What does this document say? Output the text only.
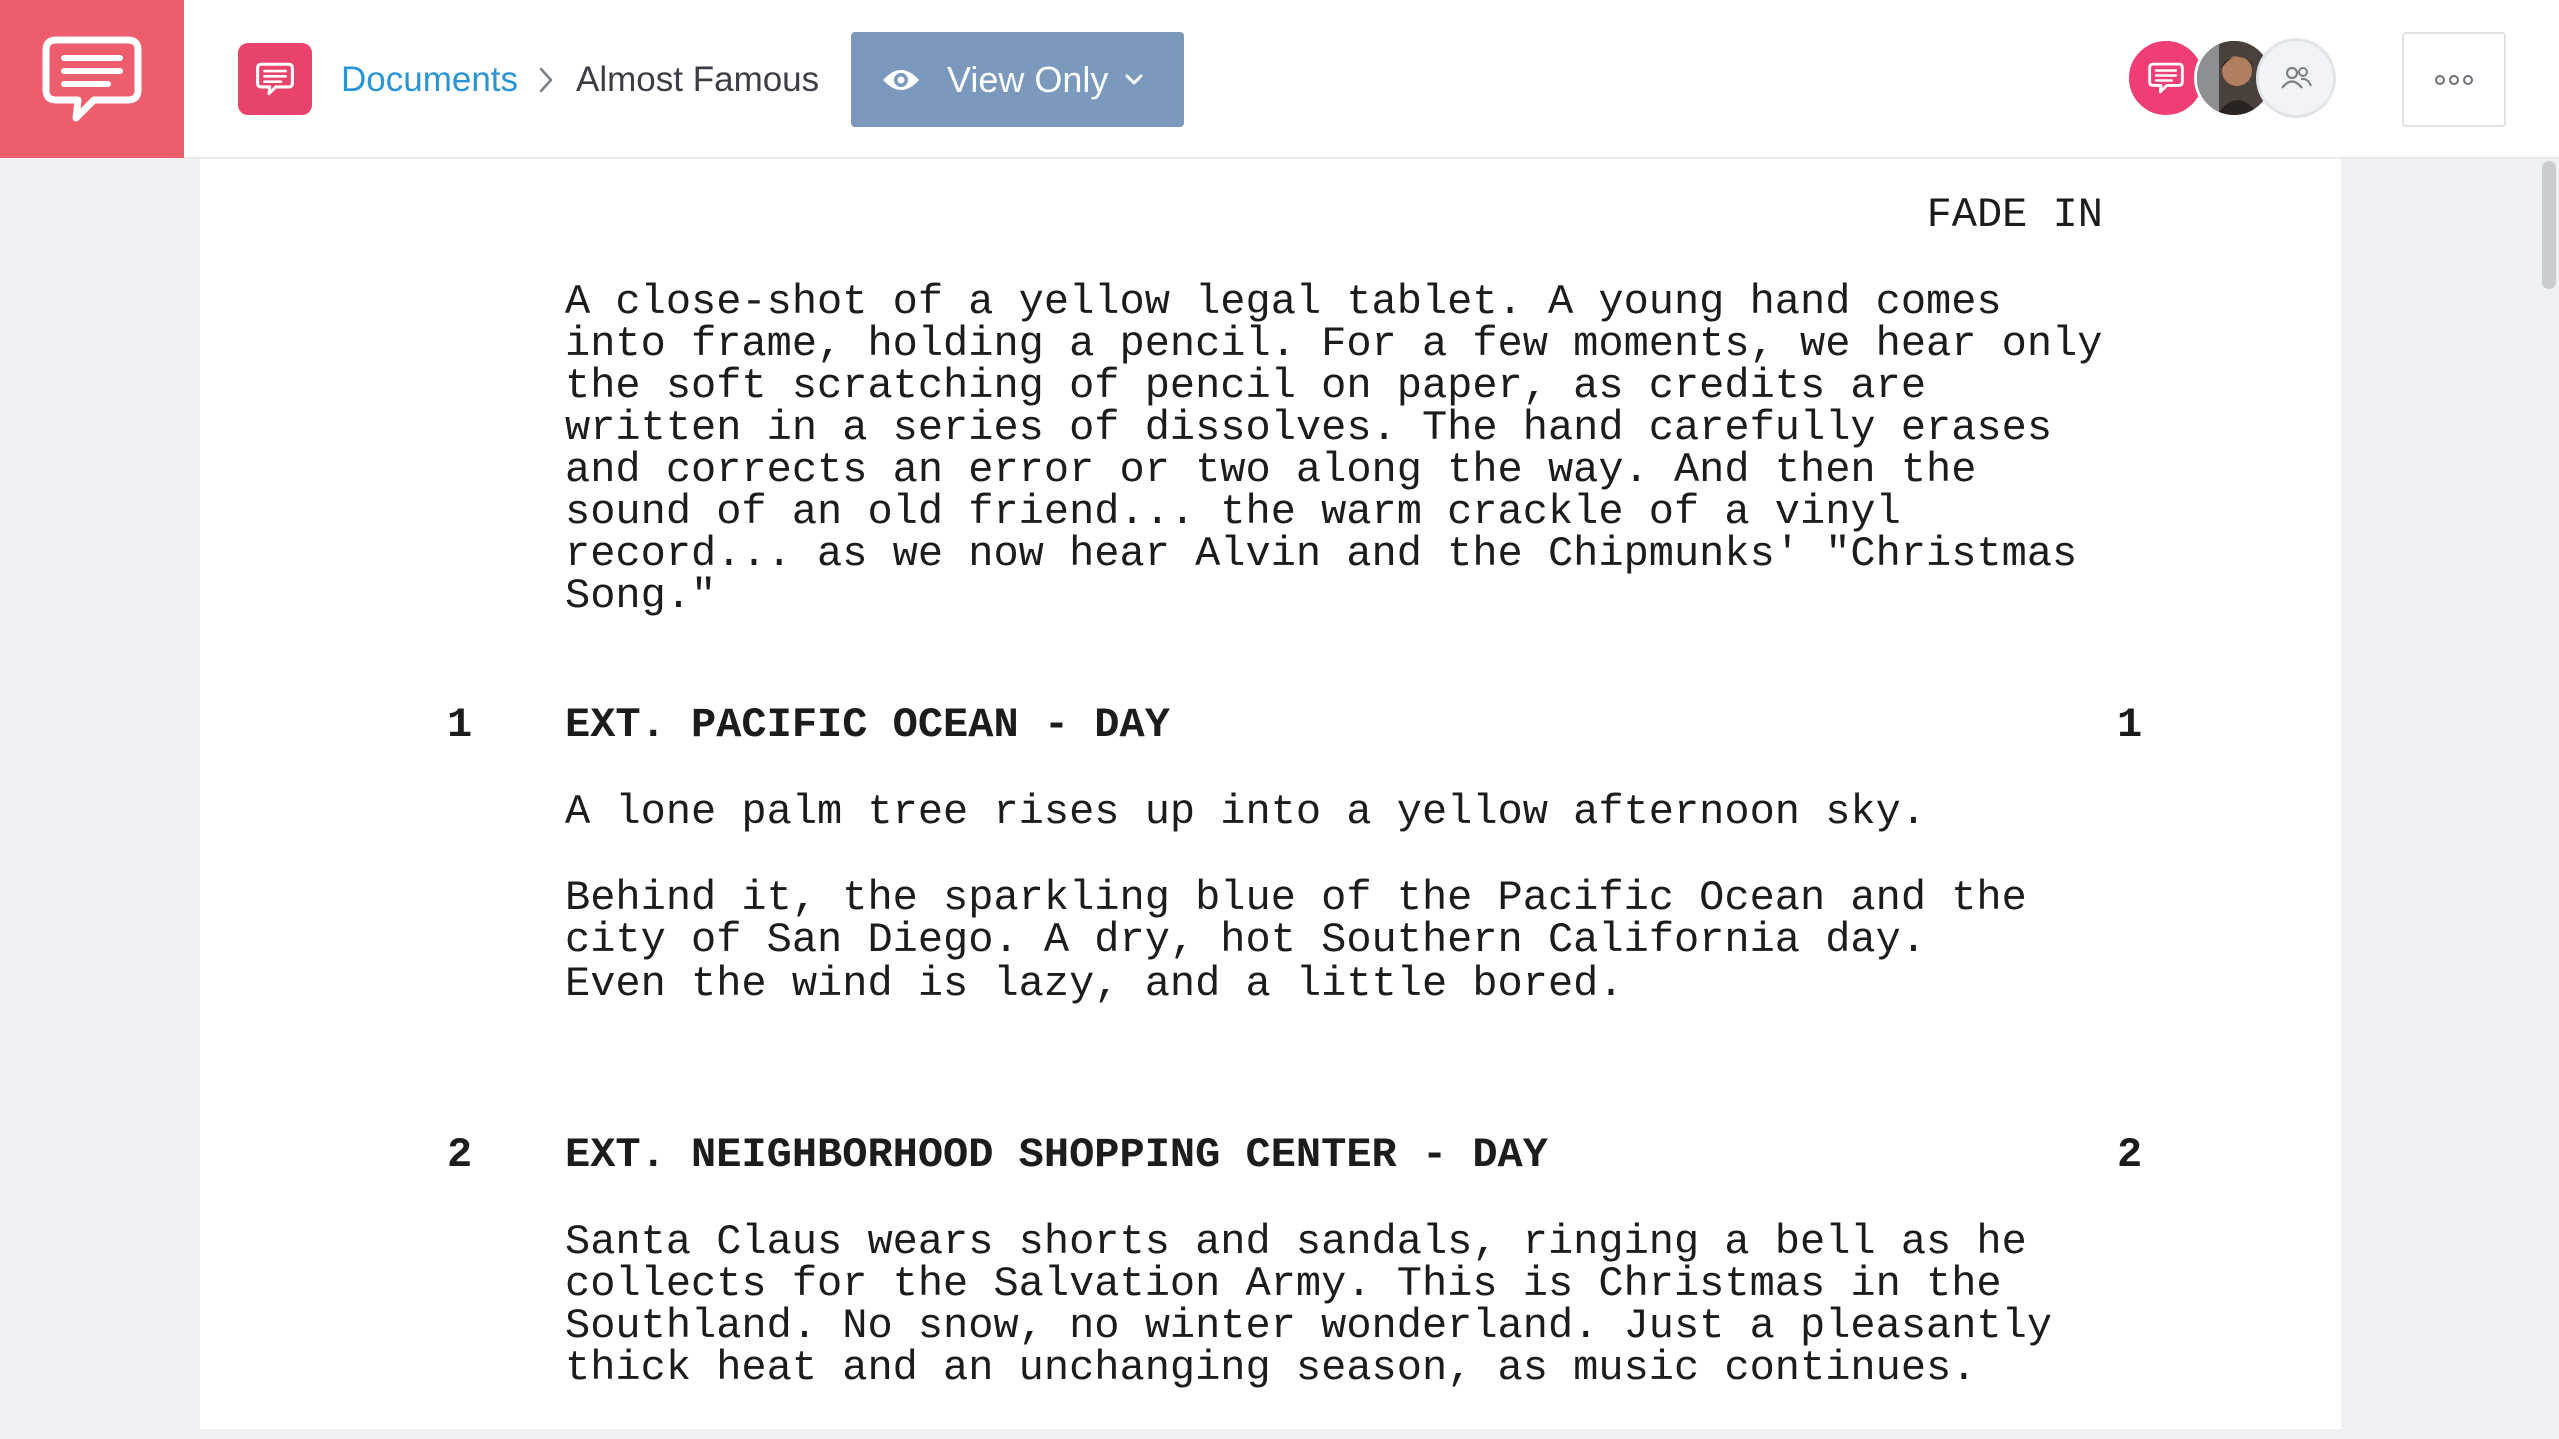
Documents Almost Famous	View Only
FADE IN

A close-shot of a yellow legal tablet. A young hand comes
into frame, holding a pencil. For a few moments, we hear only
the soft scratching of pencil on paper, as credits are
written in a series of dissolves. The hand carefully erases
and corrects an error or two along the way. And then the
sound of an old friend... the warm crackle of a vinyl
record... as we now hear Alvin and the Chipmunks' "Christmas
Song."

1 EXT. PACIFIC OCEAN - DAY	1

A lone palm tree rises up into a yellow afternoon sky.

Behind it, the sparkling blue of the Pacific Ocean and the
city of San Diego. A dry, hot Southern California day.

Even the wind is lazy, and a little bored.

2 EXT. NEIGHBORHOOD SHOPPING CENTER - DAY	2

Santa Claus wears shorts and sandals, ringing a bell as he
collects for the Salvation Army. This is Christmas in the
Southland. No snow, no winter wonderland. Just a pleasantly
thick heat and an unchanging season, as music continues.
